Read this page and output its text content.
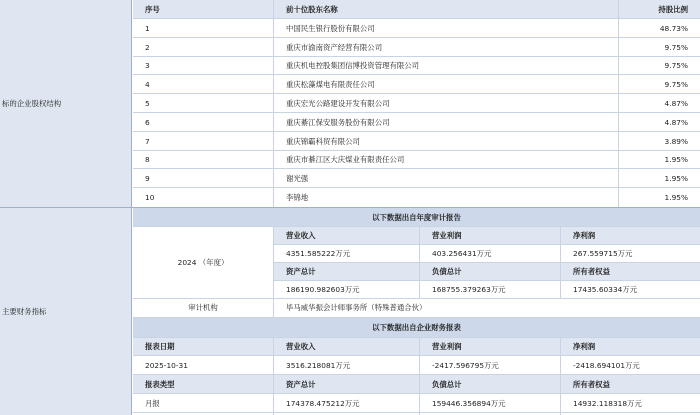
标的企业股权结构
序号	前十位股东名称	持股比例
1	中国民生银行股份有限公司	48.73%
2	重庆市渝南资产经营有限公司	9.75%
3	重庆机电控股集团信博投资管理有限公司	9.75%
4	重庆松藻煤电有限责任公司	9.75%
5	重庆宏光公路建设开发有限公司	4.87%
6	重庆綦江保安服务股份有限公司	4.87%
7	重庆锦霸科贸有限公司	3.89%
8	重庆市綦江区大庆煤业有限责任公司	1.95%
9	谢光强	1.95%
10	李锦地	1.95%
主要财务指标
以下数据出自年度审计报告
2024 （年度）
营业收入	营业利润	净利润
4351.585222万元	403.256431万元	267.559715万元
资产总计	负债总计	所有者权益
186190.982603万元	168755.379263万元	17435.60334万元
审计机构	毕马威华振会计师事务所（特殊普通合伙）
以下数据出自企业财务报表
报表日期	营业收入	营业利润	净利润
2025-10-31	3516.218081万元	-2417.596795万元	-2418.694101万元
报表类型	资产总计	负债总计	所有者权益
月报	174378.475212万元	159446.356894万元	14932.118318万元
